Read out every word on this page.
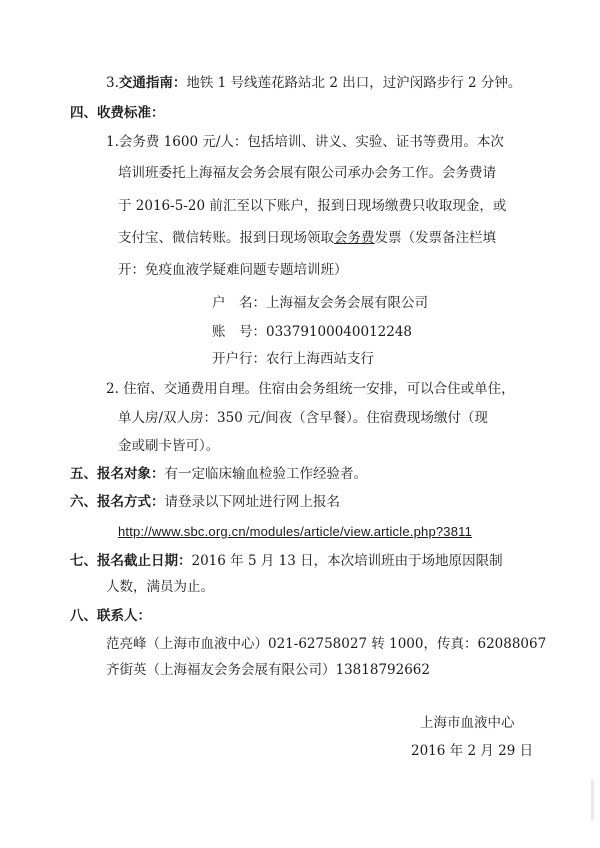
3.交通指南：地铁 1 号线莲花路站北 2 出口，过沪闵路步行 2 分钟。
四、收费标准：
1.会务费 1600 元/人：包括培训、讲义、实验、证书等费用。本次
培训班委托上海福友会务会展有限公司承办会务工作。会务费请
于 2016-5-20 前汇至以下账户，报到日现场缴费只收取现金，或
支付宝、微信转账。报到日现场领取会务费发票（发票备注栏填
开：免疫血液学疑难问题专题培训班）
户　名：上海福友会务会展有限公司
账　号：03379100040012248
开户行：农行上海西站支行
2. 住宿、交通费用自理。住宿由会务组统一安排，可以合住或单住，
单人房/双人房：350 元/间夜（含早餐）。住宿费现场缴付（现
金或刷卡皆可）。
五、报名对象：有一定临床输血检验工作经验者。
六、报名方式：请登录以下网址进行网上报名
http://www.sbc.org.cn/modules/article/view.article.php?3811
七、报名截止日期：2016 年 5 月 13 日，本次培训班由于场地原因限制
人数，满员为止。
八、联系人：
范亮峰（上海市血液中心）021-62758027 转 1000，传真：62088067
齐街英（上海福友会务会展有限公司）13818792662
上海市血液中心
2016 年 2 月 29 日
